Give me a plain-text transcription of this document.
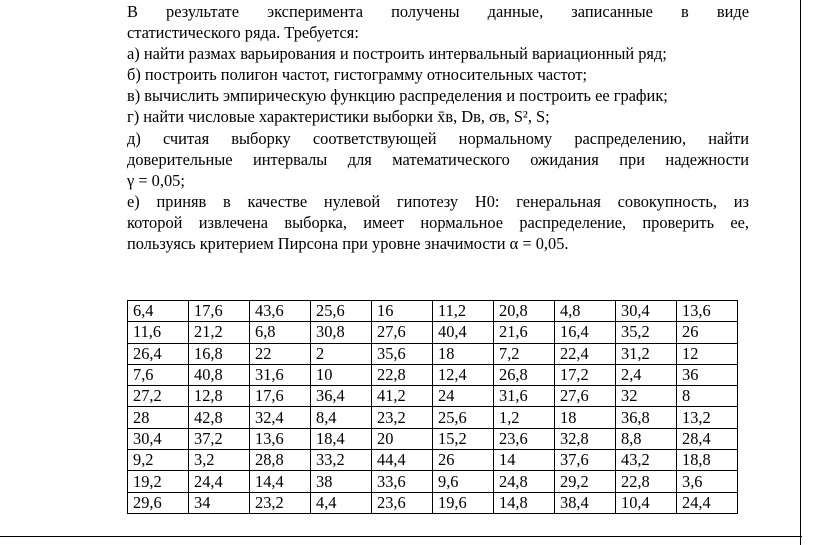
В результате эксперимента получены данные, записанные в виде
статистического ряда. Требуется:
а) найти размах варьирования и построить интервальный вариационный ряд;
б) построить полигон частот, гистограмму относительных частот;
в) вычислить эмпирическую функцию распределения и построить ее график;
г) найти числовые характеристики выборки x̄в, Dв, σв, S², S;
д) считая выборку соответствующей нормальному распределению, найти
доверительные интервалы для математического ожидания при надежности
γ = 0,05;
е) приняв в качестве нулевой гипотезу H0: генеральная совокупность, из
которой извлечена выборка, имеет нормальное распределение, проверить ее,
пользуясь критерием Пирсона при уровне значимости α = 0,05.
6,4	17,6	43,6	25,6	16	11,2	20,8	4,8	30,4	13,6
11,6	21,2	6,8	30,8	27,6	40,4	21,6	16,4	35,2	26
26,4	16,8	22	2	35,6	18	7,2	22,4	31,2	12
7,6	40,8	31,6	10	22,8	12,4	26,8	17,2	2,4	36
27,2	12,8	17,6	36,4	41,2	24	31,6	27,6	32	8
28	42,8	32,4	8,4	23,2	25,6	1,2	18	36,8	13,2
30,4	37,2	13,6	18,4	20	15,2	23,6	32,8	8,8	28,4
9,2	3,2	28,8	33,2	44,4	26	14	37,6	43,2	18,8
19,2	24,4	14,4	38	33,6	9,6	24,8	29,2	22,8	3,6
29,6	34	23,2	4,4	23,6	19,6	14,8	38,4	10,4	24,4
